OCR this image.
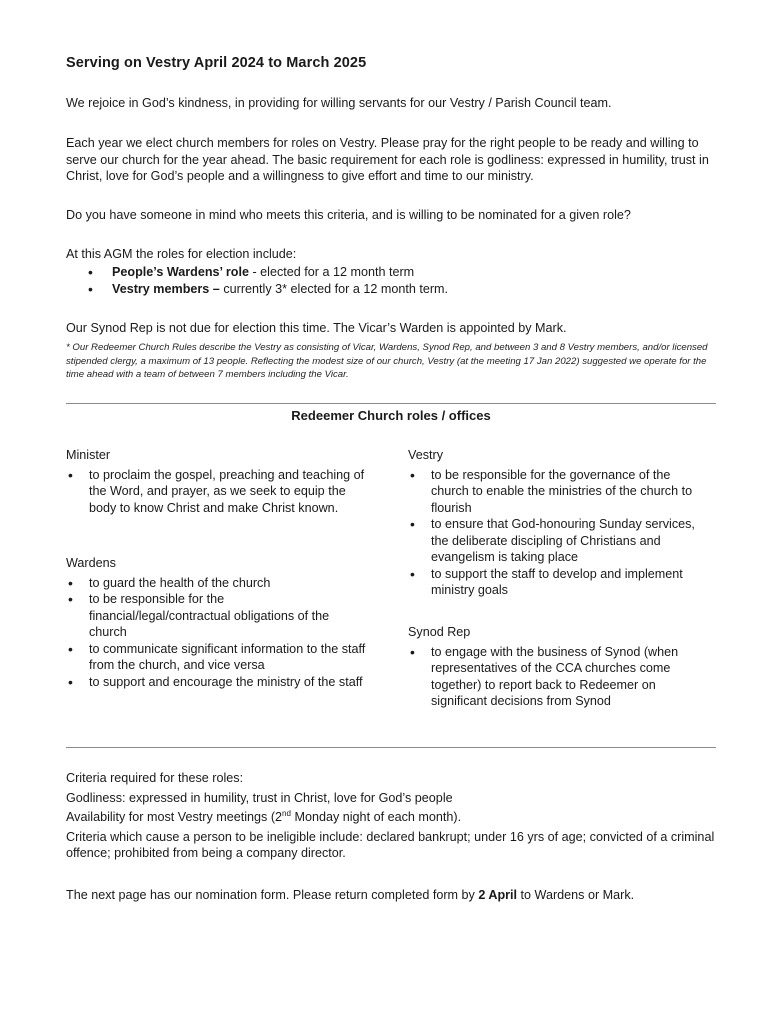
Serving on Vestry April 2024 to March 2025

We rejoice in God’s kindness, in providing for willing servants for our Vestry / Parish Council team.

Each year we elect church members for roles on Vestry. Please pray for the right people to be ready and willing to serve our church for the year ahead. The basic requirement for each role is godliness: expressed in humility, trust in Christ, love for God’s people and a willingness to give effort and time to our ministry.

Do you have someone in mind who meets this criteria, and is willing to be nominated for a given role?

At this AGM the roles for election include:

• People’s Wardens’ role - elected for a 12 month term
• Vestry members – currently 3* elected for a 12 month term.

Our Synod Rep is not due for election this time. The Vicar’s Warden is appointed by Mark.

* Our Redeemer Church Rules describe the Vestry as consisting of Vicar, Wardens, Synod Rep, and between 3 and 8 Vestry members, and/or licensed stipended clergy, a maximum of 13 people. Reflecting the modest size of our church, Vestry (at the meeting 17 Jan 2022) suggested we operate for the time ahead with a team of between 7 members including the Vicar.

Redeemer Church roles / offices
Minister
• to proclaim the gospel, preaching and teaching of the Word, and prayer, as we seek to equip the body to know Christ and make Christ known.
Wardens
• to guard the health of the church
• to be responsible for the financial/legal/contractual obligations of the church
• to communicate significant information to the staff from the church, and vice versa
• to support and encourage the ministry of the staff
Vestry
• to be responsible for the governance of the church to enable the ministries of the church to flourish
• to ensure that God-honouring Sunday services, the deliberate discipling of Christians and evangelism is taking place
• to support the staff to develop and implement ministry goals
Synod Rep
• to engage with the business of Synod (when representatives of the CCA churches come together) to report back to Redeemer on significant decisions from Synod
Criteria required for these roles:
Godliness: expressed in humility, trust in Christ, love for God’s people
Availability for most Vestry meetings (2nd Monday night of each month).
Criteria which cause a person to be ineligible include: declared bankrupt; under 16 yrs of age; convicted of a criminal offence; prohibited from being a company director.

The next page has our nomination form. Please return completed form by 2 April to Wardens or Mark.
